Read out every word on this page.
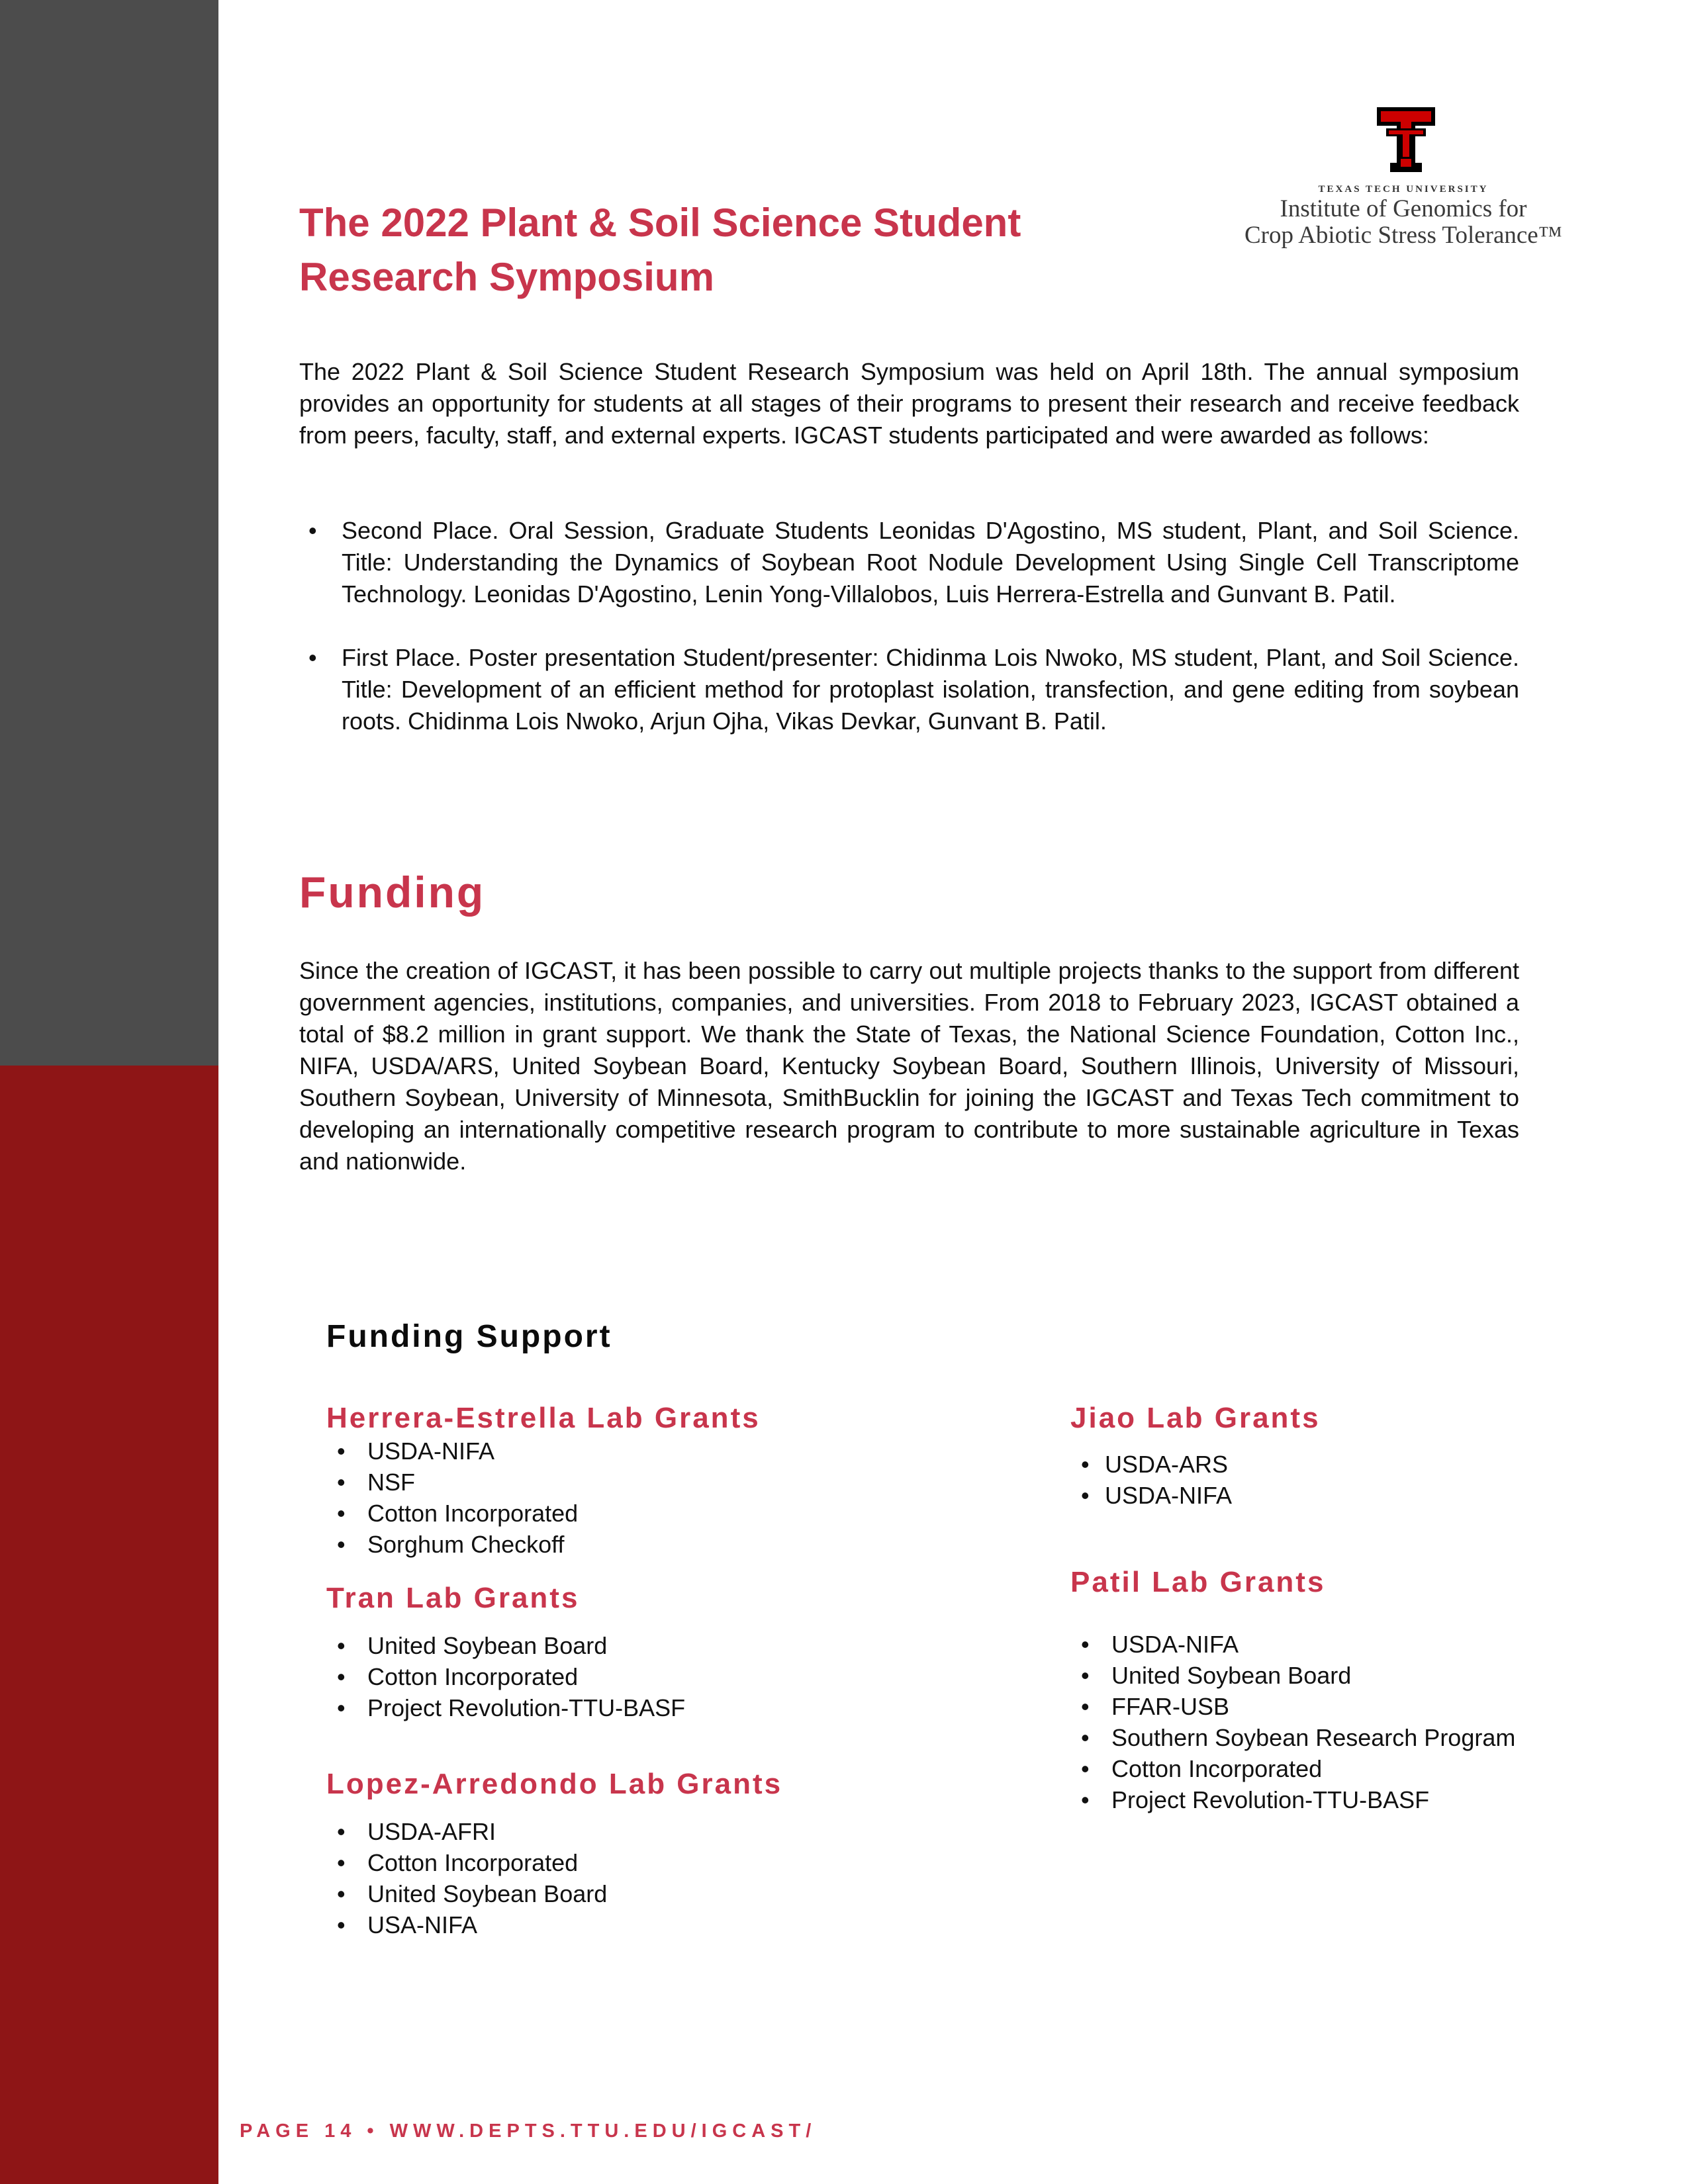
TEXAS TECH UNIVERSITY
Institute of Genomics for
Crop Abiotic Stress Tolerance™
The 2022 Plant & Soil Science Student Research Symposium

The 2022 Plant & Soil Science Student Research Symposium was held on April 18th. The annual symposium provides an opportunity for students at all stages of their programs to present their research and receive feedback from peers, faculty, staff, and external experts. IGCAST students participated and were awarded as follows:

• Second Place. Oral Session, Graduate Students Leonidas D'Agostino, MS student, Plant, and Soil Science. Title: Understanding the Dynamics of Soybean Root Nodule Development Using Single Cell Transcriptome Technology. Leonidas D'Agostino, Lenin Yong-Villalobos, Luis Herrera-Estrella and Gunvant B. Patil.
• First Place. Poster presentation Student/presenter: Chidinma Lois Nwoko, MS student, Plant, and Soil Science. Title: Development of an efficient method for protoplast isolation, transfection, and gene editing from soybean roots. Chidinma Lois Nwoko, Arjun Ojha, Vikas Devkar, Gunvant B. Patil.
Funding

Since the creation of IGCAST, it has been possible to carry out multiple projects thanks to the support from different government agencies, institutions, companies, and universities. From 2018 to February 2023, IGCAST obtained a total of $8.2 million in grant support. We thank the State of Texas, the National Science Foundation, Cotton Inc., NIFA, USDA/ARS, United Soybean Board, Kentucky Soybean Board, Southern Illinois, University of Missouri, Southern Soybean, University of Minnesota, SmithBucklin for joining the IGCAST and Texas Tech commitment to developing an internationally competitive research program to contribute to more sustainable agriculture in Texas and nationwide.

Funding Support
Herrera-Estrella Lab Grants
• USDA-NIFA
• NSF
• Cotton Incorporated
• Sorghum Checkoff
Tran Lab Grants
• United Soybean Board
• Cotton Incorporated
• Project Revolution-TTU-BASF
Lopez-Arredondo Lab Grants
• USDA-AFRI
• Cotton Incorporated
• United Soybean Board
• USA-NIFA
Jiao Lab Grants
• USDA-ARS
• USDA-NIFA
Patil Lab Grants
• USDA-NIFA
• United Soybean Board
• FFAR-USB
• Southern Soybean Research Program
• Cotton Incorporated
• Project Revolution-TTU-BASF

PAGE 14 • WWW.DEPTS.TTU.EDU/IGCAST/
